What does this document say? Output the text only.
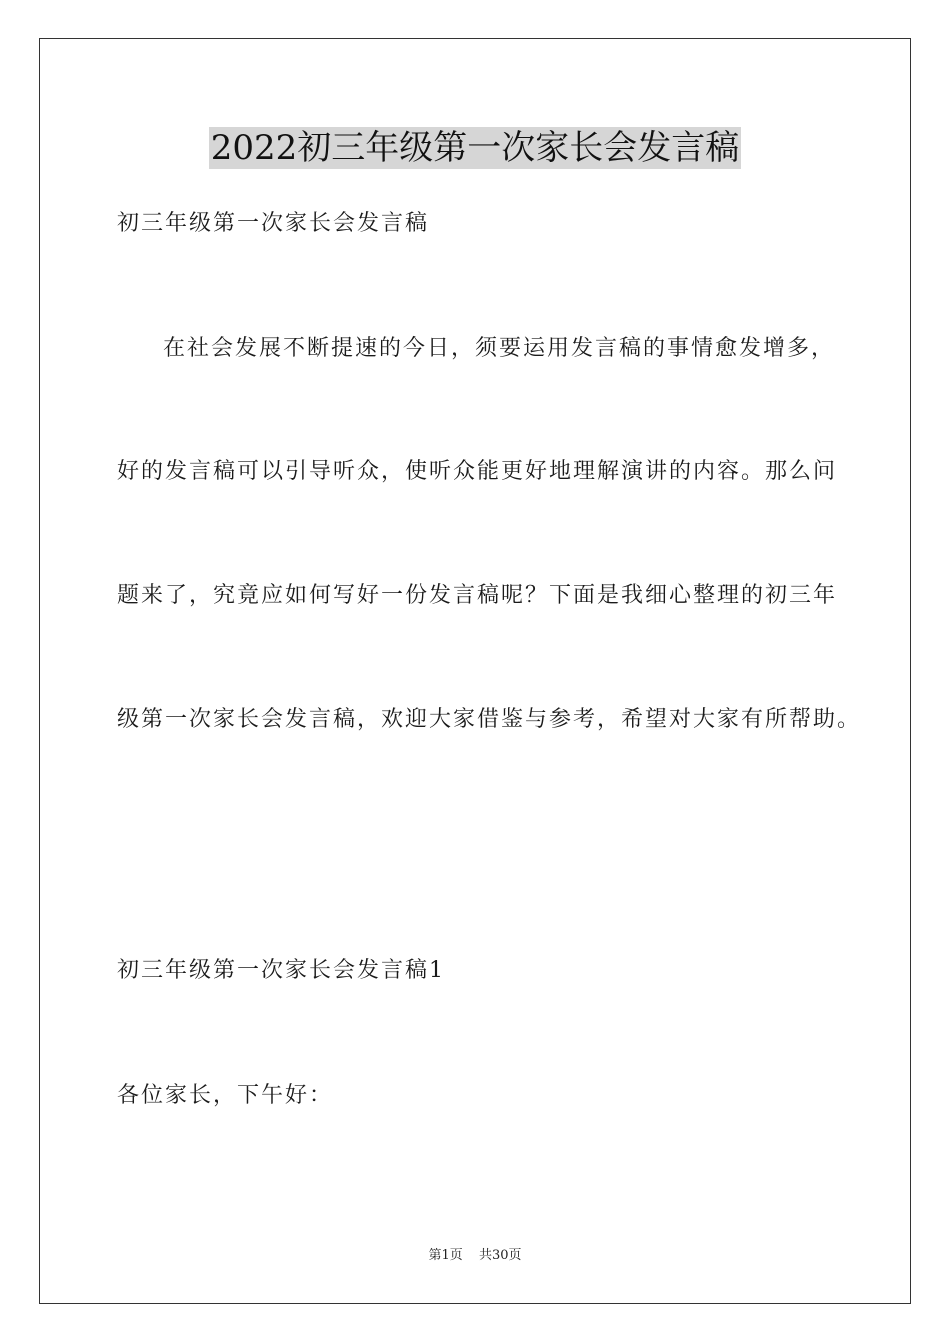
2022初三年级第一次家长会发言稿
初三年级第一次家长会发言稿
在社会发展不断提速的今日，须要运用发言稿的事情愈发增多，
好的发言稿可以引导听众，使听众能更好地理解演讲的内容。那么问
题来了，究竟应如何写好一份发言稿呢？下面是我细心整理的初三年
级第一次家长会发言稿，欢迎大家借鉴与参考，希望对大家有所帮助。
初三年级第一次家长会发言稿1
各位家长，下午好：
第1页 共30页
